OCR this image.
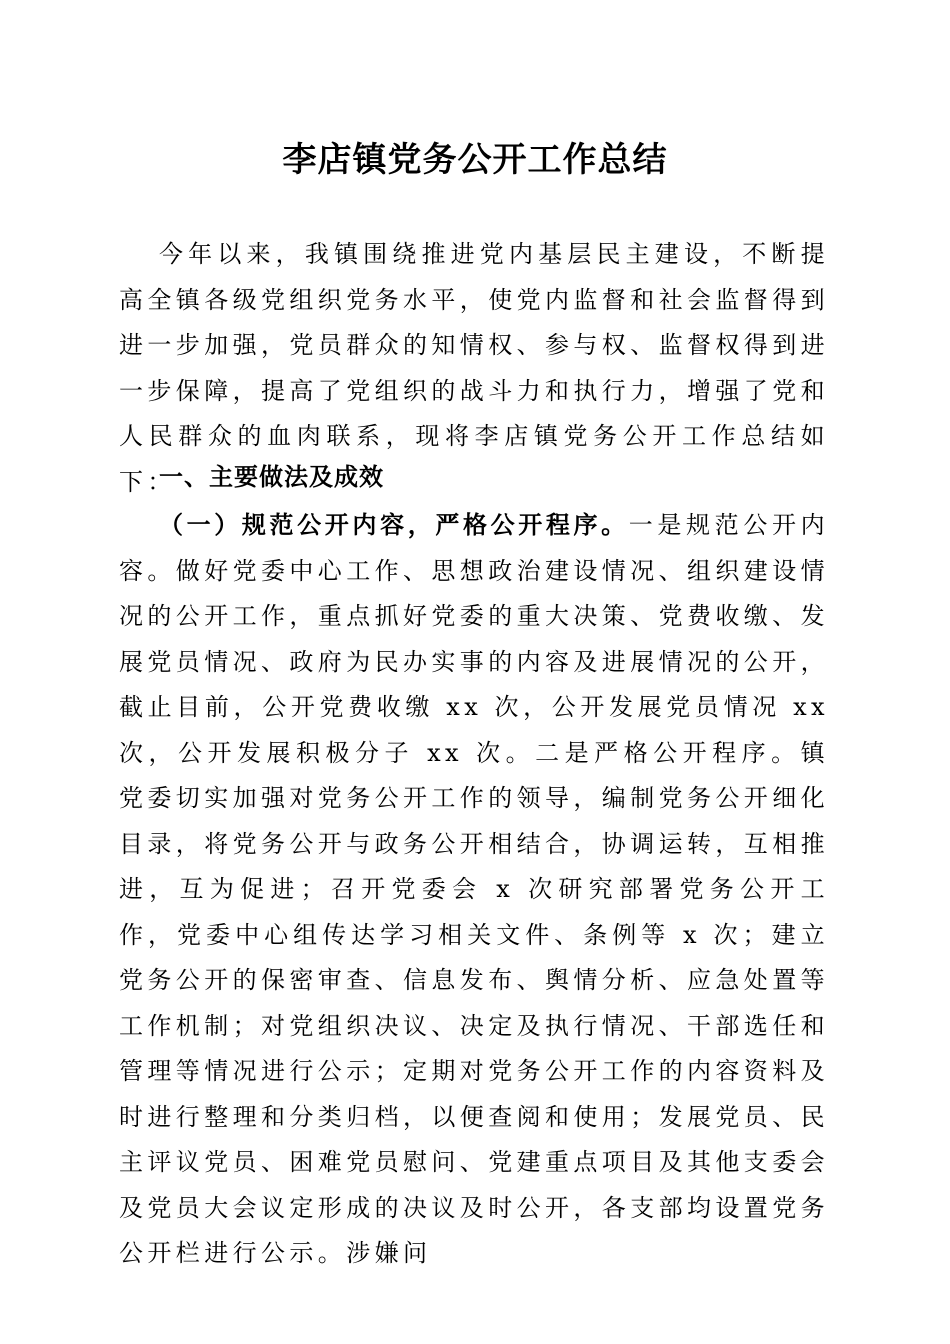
李店镇党务公开工作总结

今年以来，我镇围绕推进党内基层民主建设，不断提高全镇各级党组织党务水平，使党内监督和社会监督得到进一步加强，党员群众的知情权、参与权、监督权得到进一步保障，提高了党组织的战斗力和执行力，增强了党和人民群众的血肉联系，现将李店镇党务公开工作总结如下：

一、主要做法及成效

（一）规范公开内容，严格公开程序。一是规范公开内容。做好党委中心工作、思想政治建设情况、组织建设情况的公开工作，重点抓好党委的重大决策、党费收缴、发展党员情况、政府为民办实事的内容及进展情况的公开，截止目前，公开党费收缴 xx 次，公开发展党员情况 xx 次，公开发展积极分子 xx 次。二是严格公开程序。镇党委切实加强对党务公开工作的领导，编制党务公开细化目录，将党务公开与政务公开相结合，协调运转，互相推进，互为促进；召开党委会 x 次研究部署党务公开工作，党委中心组传达学习相关文件、条例等 x 次；建立党务公开的保密审查、信息发布、舆情分析、应急处置等工作机制；对党组织决议、决定及执行情况、干部选任和管理等情况进行公示；定期对党务公开工作的内容资料及时进行整理和分类归档，以便查阅和使用；发展党员、民主评议党员、困难党员慰问、党建重点项目及其他支委会及党员大会议定形成的决议及时公开，各支部均设置党务公开栏进行公示。涉嫌问
